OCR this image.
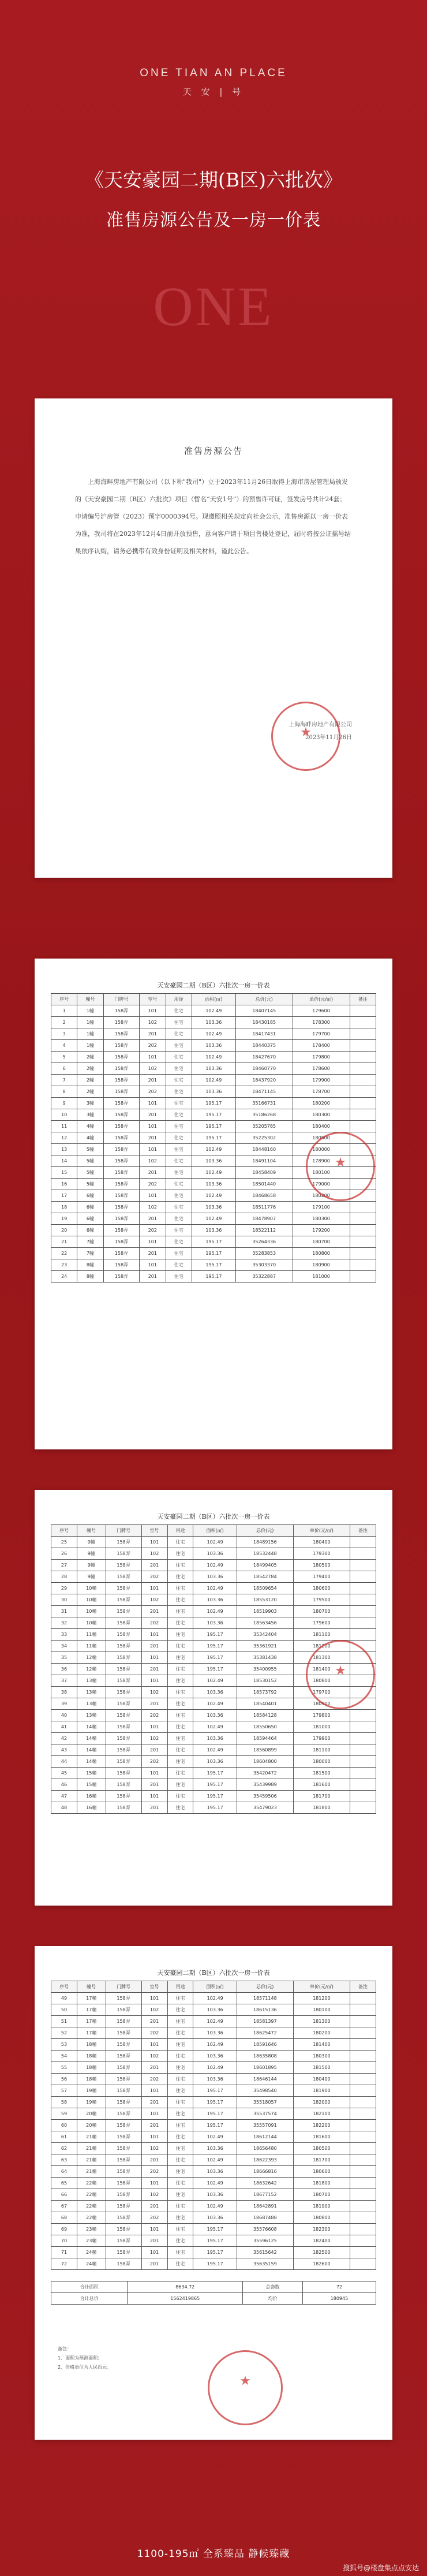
ONE TIAN AN PLACE
天 安 | 号
《天安豪园二期(B区)六批次》
准售房源公告及一房一价表
ONE
准售房源公告
上海海畔房地产有限公司（以下称"我司"）立于2023年11月26日取得上海市房屋管理局颁发的《天安豪园二期（B区）六批次》项目（暂名“天安1号”）的预售许可证，签发房号共计24套；申请编号沪房管（2023）预字0000394号。现遵照相关规定向社会公示，准售房源以一房一价表为准，我司将在2023年12月4日前开放预售，意向客户请于项目售楼处登记，届时将按公证摇号结果依序认购，请务必携带有效身份证明及相关材料，谨此公告。
上海海畔房地产有限公司
2023年11月26日
★
天安豪园二期（B区）六批次一房一价表
序号	幢号	门牌号	室号	用途	面积(㎡)	总价(元)	单价(元/㎡)	备注
1	1幢	158弄	101	住宅	102.49	18407145	179600	
2	1幢	158弄	102	住宅	103.36	18430185	178300	
3	1幢	158弄	201	住宅	102.49	18417431	179700	
4	1幢	158弄	202	住宅	103.36	18440375	178400	
5	2幢	158弄	101	住宅	102.49	18427670	179800	
6	2幢	158弄	102	住宅	103.36	18460770	178600	
7	2幢	158弄	201	住宅	102.49	18437920	179900	
8	2幢	158弄	202	住宅	103.36	18471145	178700	
9	3幢	158弄	101	住宅	195.17	35166731	180200	
10	3幢	158弄	201	住宅	195.17	35186268	180300	
11	4幢	158弄	101	住宅	195.17	35205785	180400	
12	4幢	158弄	201	住宅	195.17	35225302	180500	
13	5幢	158弄	101	住宅	102.49	18448160	180000	
14	5幢	158弄	102	住宅	103.36	18491104	178900	
15	5幢	158弄	201	住宅	102.49	18458409	180100	
16	5幢	158弄	202	住宅	103.36	18501440	179000	
17	6幢	158弄	101	住宅	102.49	18468658	180200	
18	6幢	158弄	102	住宅	103.36	18511776	179100	
19	6幢	158弄	201	住宅	102.49	18478907	180300	
20	6幢	158弄	202	住宅	103.36	18522112	179200	
21	7幢	158弄	101	住宅	195.17	35264336	180700	
22	7幢	158弄	201	住宅	195.17	35283853	180800	
23	8幢	158弄	101	住宅	195.17	35303370	180900	
24	8幢	158弄	201	住宅	195.17	35322887	181000	
★
天安豪园二期（B区）六批次一房一价表
序号	幢号	门牌号	室号	用途	面积(㎡)	总价(元)	单价(元/㎡)	备注
25	9幢	158弄	101	住宅	102.49	18489156	180400	
26	9幢	158弄	102	住宅	103.36	18532448	179300	
27	9幢	158弄	201	住宅	102.49	18499405	180500	
28	9幢	158弄	202	住宅	103.36	18542784	179400	
29	10幢	158弄	101	住宅	102.49	18509654	180600	
30	10幢	158弄	102	住宅	103.36	18553120	179500	
31	10幢	158弄	201	住宅	102.49	18519903	180700	
32	10幢	158弄	202	住宅	103.36	18563456	179600	
33	11幢	158弄	101	住宅	195.17	35342404	181100	
34	11幢	158弄	201	住宅	195.17	35361921	181200	
35	12幢	158弄	101	住宅	195.17	35381438	181300	
36	12幢	158弄	201	住宅	195.17	35400955	181400	
37	13幢	158弄	101	住宅	102.49	18530152	180800	
38	13幢	158弄	102	住宅	103.36	18573792	179700	
39	13幢	158弄	201	住宅	102.49	18540401	180900	
40	13幢	158弄	202	住宅	103.36	18584128	179800	
41	14幢	158弄	101	住宅	102.49	18550650	181000	
42	14幢	158弄	102	住宅	103.36	18594464	179900	
43	14幢	158弄	201	住宅	102.49	18560899	181100	
44	14幢	158弄	202	住宅	103.36	18604800	180000	
45	15幢	158弄	101	住宅	195.17	35420472	181500	
46	15幢	158弄	201	住宅	195.17	35439989	181600	
47	16幢	158弄	101	住宅	195.17	35459506	181700	
48	16幢	158弄	201	住宅	195.17	35479023	181800	
★
天安豪园二期（B区）六批次一房一价表
序号	幢号	门牌号	室号	用途	面积(㎡)	总价(元)	单价(元/㎡)	备注
49	17幢	158弄	101	住宅	102.49	18571148	181200	
50	17幢	158弄	102	住宅	103.36	18615136	180100	
51	17幢	158弄	201	住宅	102.49	18581397	181300	
52	17幢	158弄	202	住宅	103.36	18625472	180200	
53	18幢	158弄	101	住宅	102.49	18591646	181400	
54	18幢	158弄	102	住宅	103.36	18635808	180300	
55	18幢	158弄	201	住宅	102.49	18601895	181500	
56	18幢	158弄	202	住宅	103.36	18646144	180400	
57	19幢	158弄	101	住宅	195.17	35498540	181900	
58	19幢	158弄	201	住宅	195.17	35518057	182000	
59	20幢	158弄	101	住宅	195.17	35537574	182100	
60	20幢	158弄	201	住宅	195.17	35557091	182200	
61	21幢	158弄	101	住宅	102.49	18612144	181600	
62	21幢	158弄	102	住宅	103.36	18656480	180500	
63	21幢	158弄	201	住宅	102.49	18622393	181700	
64	21幢	158弄	202	住宅	103.36	18666816	180600	
65	22幢	158弄	101	住宅	102.49	18632642	181800	
66	22幢	158弄	102	住宅	103.36	18677152	180700	
67	22幢	158弄	201	住宅	102.49	18642891	181900	
68	22幢	158弄	202	住宅	103.36	18687488	180800	
69	23幢	158弄	101	住宅	195.17	35576608	182300	
70	23幢	158弄	201	住宅	195.17	35596125	182400	
71	24幢	158弄	101	住宅	195.17	35615642	182500	
72	24幢	158弄	201	住宅	195.17	35635159	182600	
合计面积	8634.72	总套数	72
合计总价	1562419865	均价	180945
备注：
1、面积为预测面积；
2、价格单位为人民币元。
★
1100-195㎡ 全系臻品 静候臻藏
搜狐号@楼盘集点点安达
